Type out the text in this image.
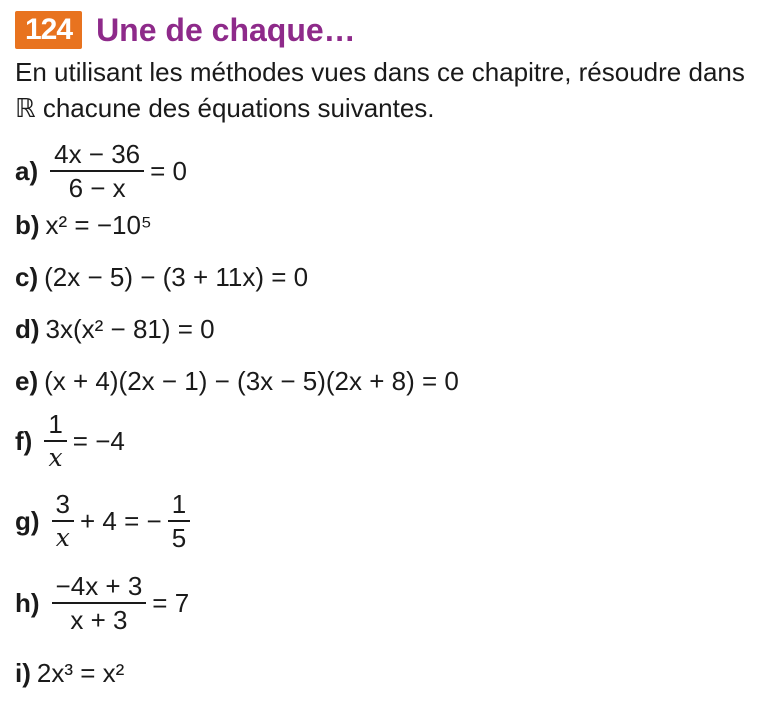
124 Une de chaque…
En utilisant les méthodes vues dans ce chapitre, résoudre dans ℝ chacune des équations suivantes.
$a) \frac{4x - 36}{6 - x} = 0$
b) x² = −10⁵
c) (2x − 5) − (3 + 11x) = 0
d) 3x(x² − 81) = 0
e) (x + 4)(2x − 1) − (3x − 5)(2x + 8) = 0
$f) \frac{1}{x} = -4$
$g) \frac{3}{x} + 4$ = − $\frac{1}{5}$
$h) \frac{-4x + 3}{x + 3} = 7$
i) 2x³ = x²
